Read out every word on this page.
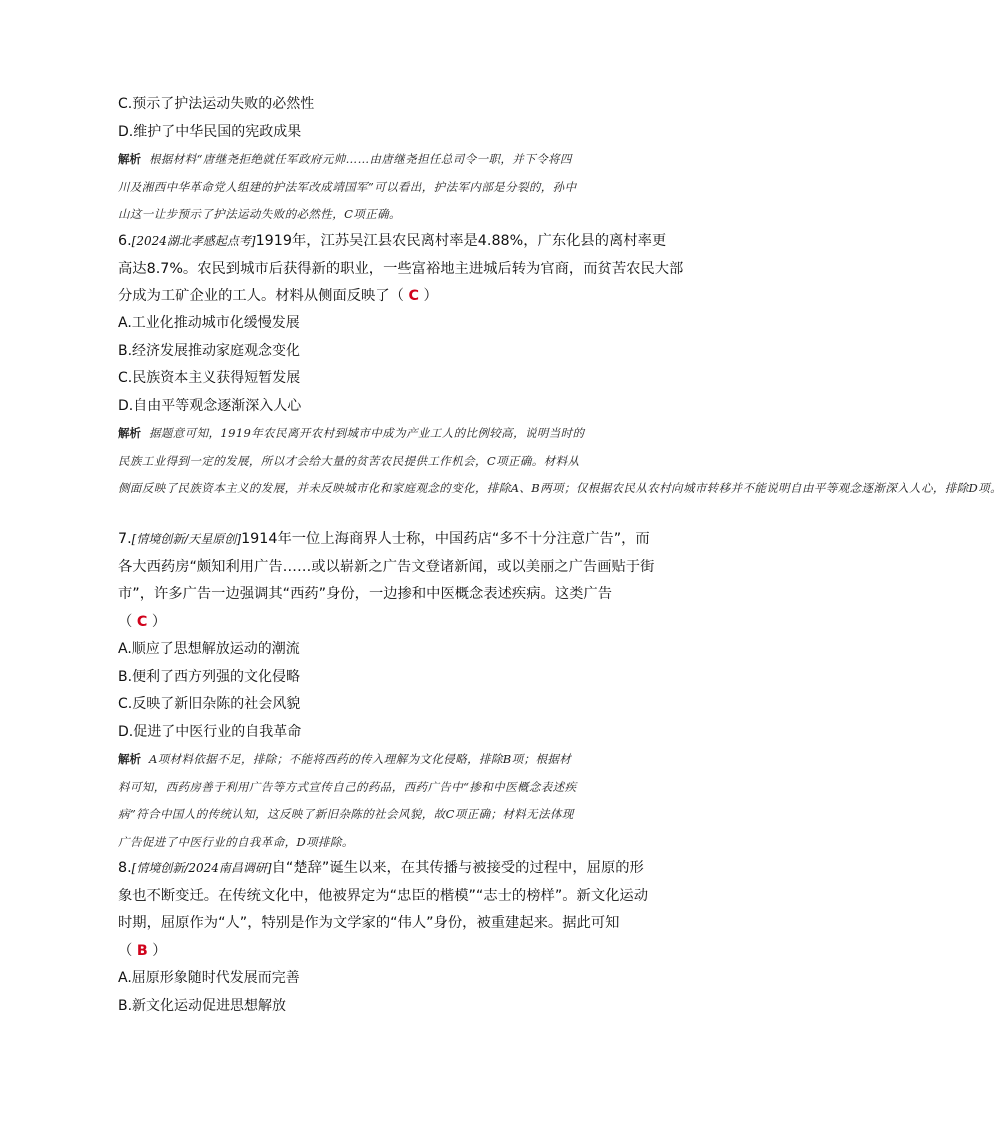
C.预示了护法运动失败的必然性
D.维护了中华民国的宪政成果
解析 根据材料“唐继尧拒绝就任军政府元帅……由唐继尧担任总司令一职，并下令将四
川及湘西中华革命党人组建的护法军改成靖国军”可以看出，护法军内部是分裂的，孙中
山这一让步预示了护法运动失败的必然性，C项正确。
6.[2024湖北孝感起点考]1919年，江苏吴江县农民离村率是4.88%，广东化县的离村率更
高达8.7%。农民到城市后获得新的职业，一些富裕地主进城后转为官商，而贫苦农民大部
分成为工矿企业的工人。材料从侧面反映了（ C ）
A.工业化推动城市化缓慢发展
B.经济发展推动家庭观念变化
C.民族资本主义获得短暂发展
D.自由平等观念逐渐深入人心
解析 据题意可知，1919年农民离开农村到城市中成为产业工人的比例较高，说明当时的
民族工业得到一定的发展，所以才会给大量的贫苦农民提供工作机会，C项正确。材料从
侧面反映了民族资本主义的发展，并未反映城市化和家庭观念的变化，排除A、B两项；仅根据农民从农村向城市转移并不能说明自由平等观念逐渐深入人心，排除D项。
7.[情境创新/天星原创]1914年一位上海商界人士称，中国药店“多不十分注意广告”，而
各大西药房“颇知利用广告……或以崭新之广告文登诸新闻，或以美丽之广告画贴于街
市”，许多广告一边强调其“西药”身份，一边掺和中医概念表述疾病。这类广告
（ C ）
A.顺应了思想解放运动的潮流
B.便利了西方列强的文化侵略
C.反映了新旧杂陈的社会风貌
D.促进了中医行业的自我革命
解析 A项材料依据不足，排除；不能将西药的传入理解为文化侵略，排除B项；根据材
料可知，西药房善于利用广告等方式宣传自己的药品，西药广告中“掺和中医概念表述疾
病”符合中国人的传统认知，这反映了新旧杂陈的社会风貌，故C项正确；材料无法体现
广告促进了中医行业的自我革命，D项排除。
8.[情境创新/2024南昌调研]自“楚辞”诞生以来，在其传播与被接受的过程中，屈原的形
象也不断变迁。在传统文化中，他被界定为“忠臣的楷模”“志士的榜样”。新文化运动
时期，屈原作为“人”，特别是作为文学家的“伟人”身份，被重建起来。据此可知
（ B ）
A.屈原形象随时代发展而完善
B.新文化运动促进思想解放
